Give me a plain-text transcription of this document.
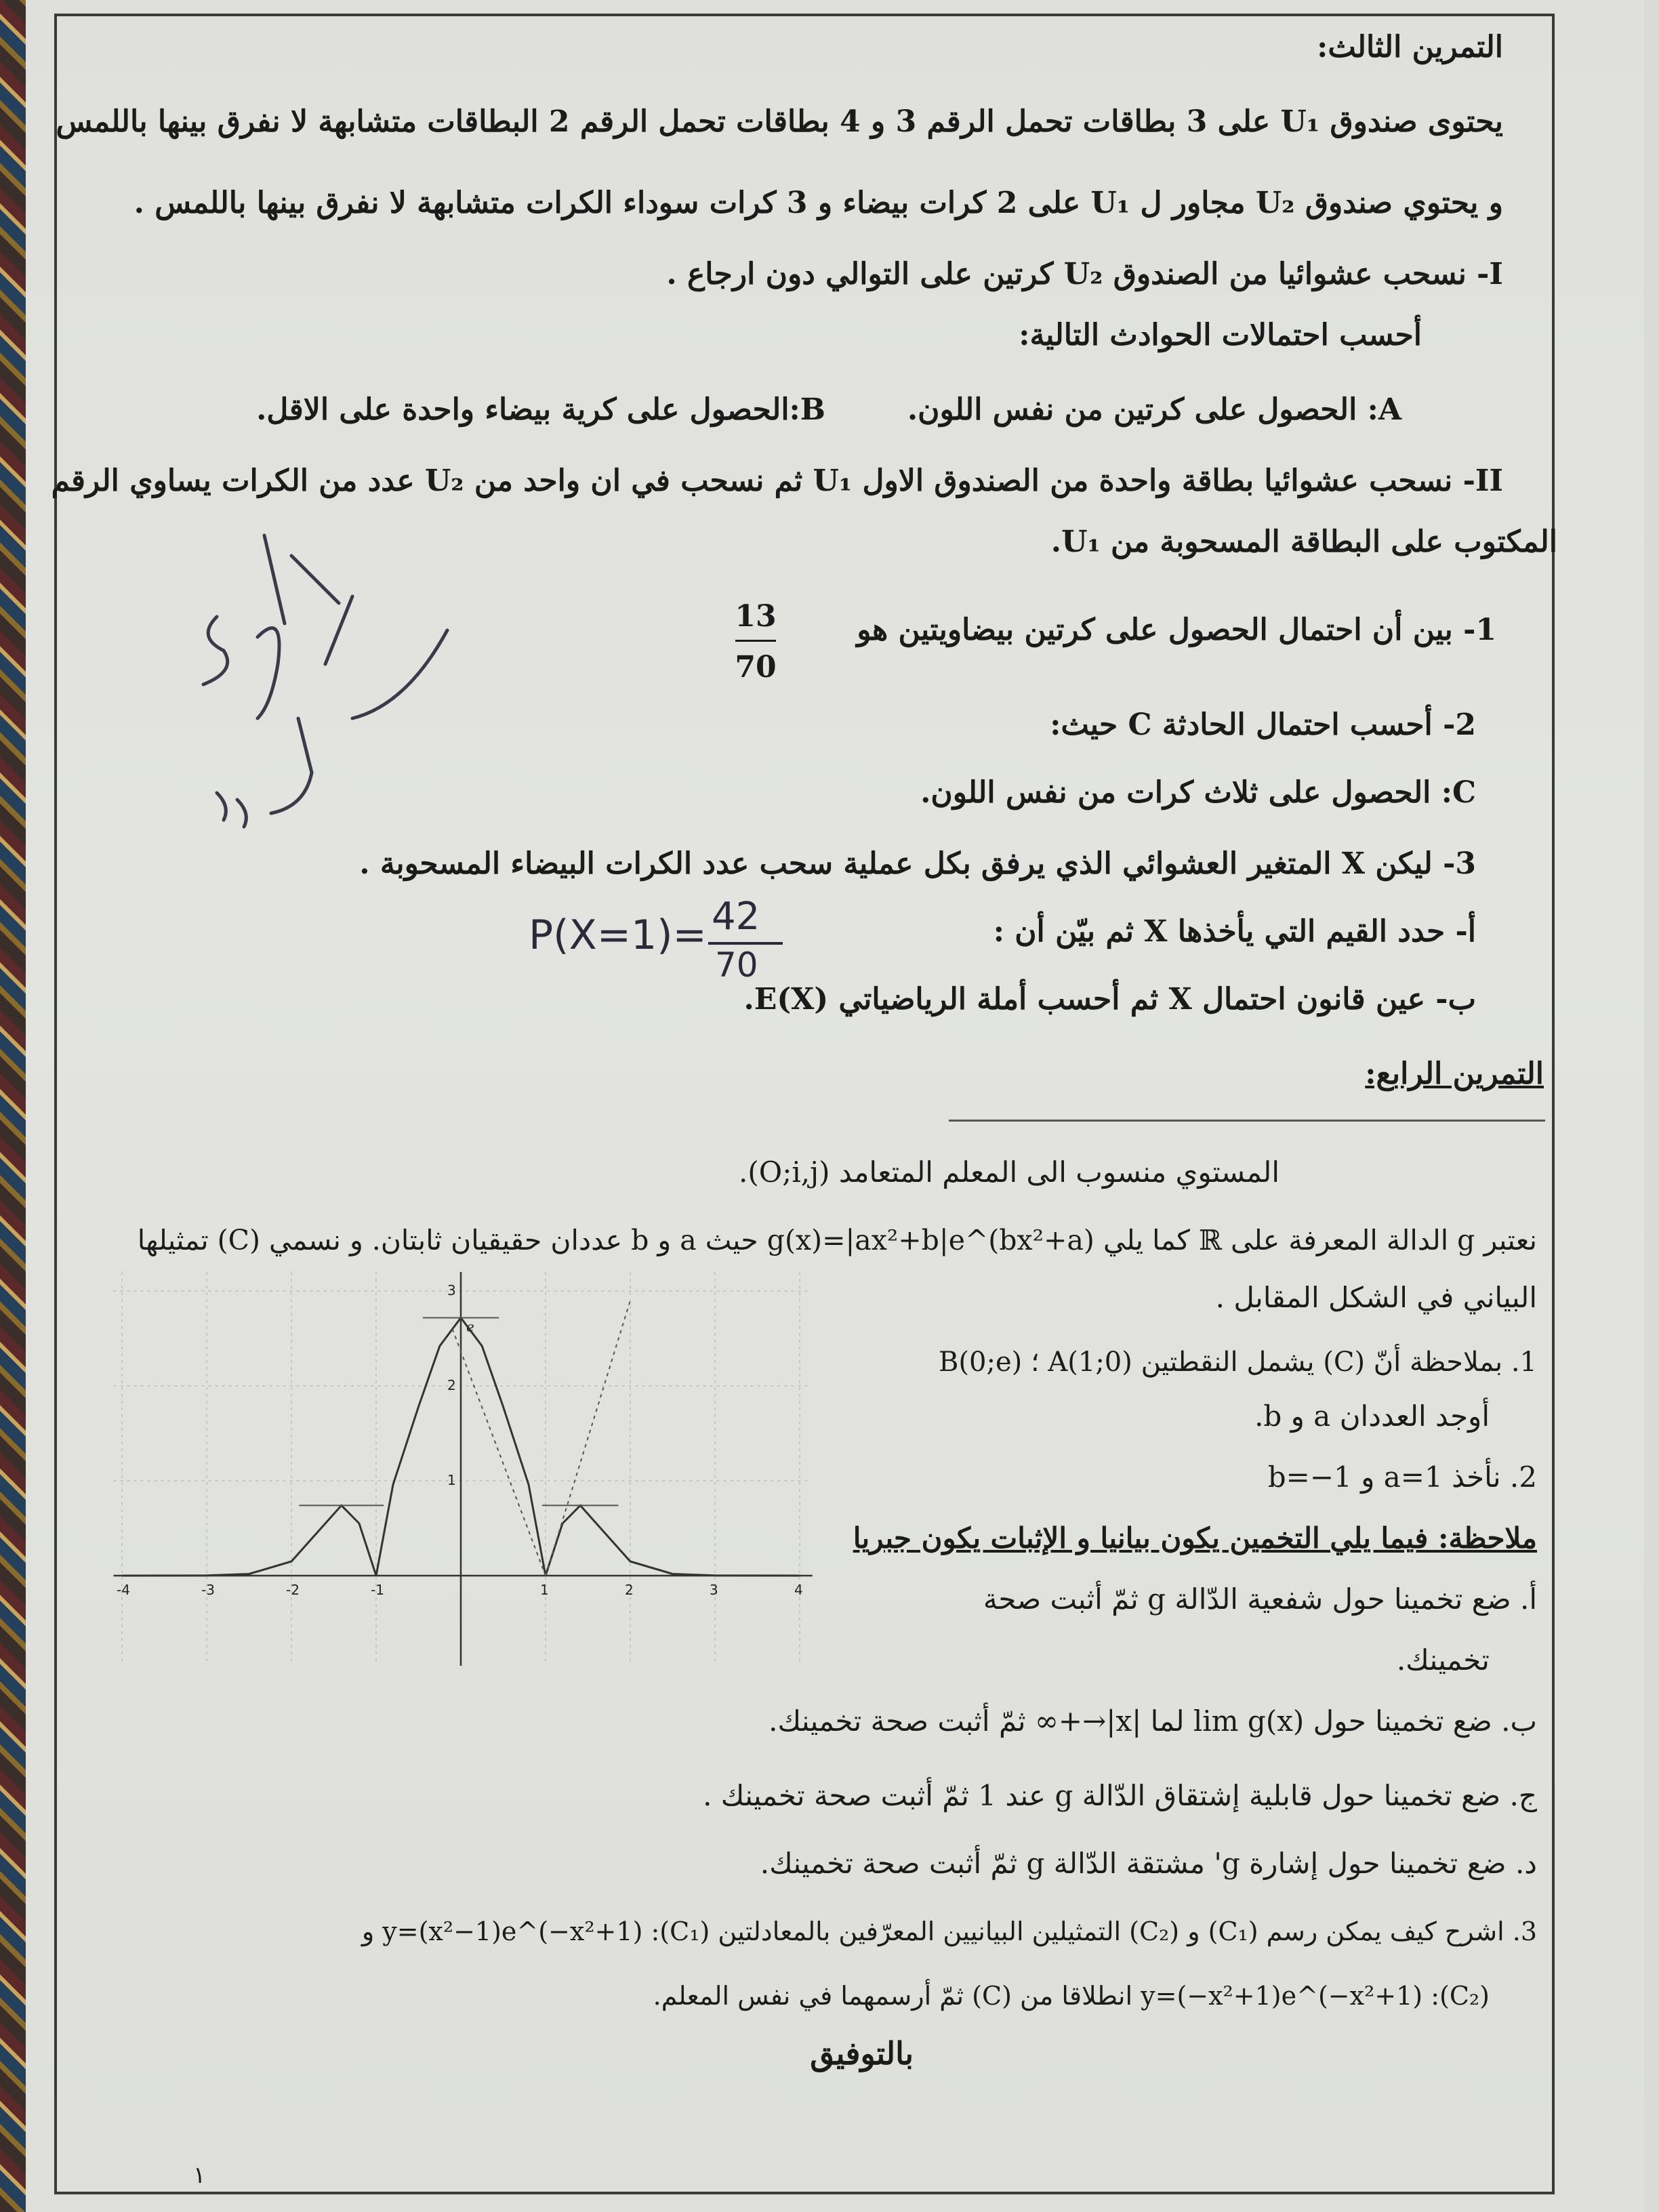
التمرين الثالث:
يحتوى صندوق U₁ على 3 بطاقات تحمل الرقم 3 و 4 بطاقات تحمل الرقم 2 البطاقات متشابهة لا نفرق بينها باللمس
و يحتوي صندوق U₂ مجاور ل U₁ على 2 كرات بيضاء و 3 كرات سوداء الكرات متشابهة لا نفرق بينها باللمس .
I- نسحب عشوائيا من الصندوق U₂ كرتين على التوالي دون ارجاع .
أحسب احتمالات الحوادث التالية:
A: الحصول على كرتين من نفس اللون.
B:الحصول على كرية بيضاء واحدة على الاقل.
II- نسحب عشوائيا بطاقة واحدة من الصندوق الاول U₁ ثم نسحب في ان واحد من U₂ عدد من الكرات يساوي الرقم
المكتوب على البطاقة المسحوبة من U₁.
1- بين أن احتمال الحصول على كرتين بيضاويتين هو
13
70
2- أحسب احتمال الحادثة C حيث:
C: الحصول على ثلاث كرات من نفس اللون.
3- ليكن X المتغير العشوائي الذي يرفق بكل عملية سحب عدد الكرات البيضاء المسحوبة .
أ- حدد القيم التي يأخذها X ثم بيّن أن :
ب- عين قانون احتمال X ثم أحسب أملة الرياضياتي E(X).
P(X=1)= 42
70
التمرين الرابع:
المستوي منسوب الى المعلم المتعامد (O;i,j).
نعتبر g الدالة المعرفة على ℝ كما يلي g(x)=|ax²+b|e^(bx²+a) حيث a و b عددان حقيقيان ثابتان. و نسمي (C) تمثيلها
البياني في الشكل المقابل .
1. بملاحظة أنّ (C) يشمل النقطتين A(1;0) ؛ B(0;e)
أوجد العددان a و b.
2. نأخذ a=1 و b=−1
ملاحظة: فيما يلي التخمين يكون بيانيا و الإثبات يكون جبريا
أ. ضع تخمينا حول شفعية الدّالة g ثمّ أثبت صحة
تخمينك.
ب. ضع تخمينا حول lim g(x) لما |x|→+∞ ثمّ أثبت صحة تخمينك.
ج. ضع تخمينا حول قابلية إشتقاق الدّالة g عند 1 ثمّ أثبت صحة تخمينك .
د. ضع تخمينا حول إشارة g' مشتقة الدّالة g ثمّ أثبت صحة تخمينك.
3. اشرح كيف يمكن رسم (C₁) و (C₂) التمثيلين البيانيين المعرّفين بالمعادلتين (C₁): y=(x²−1)e^(−x²+1) و
(C₂): y=(−x²+1)e^(−x²+1) انطلاقا من (C) ثمّ أرسمهما في نفس المعلم.
بالتوفيق
١
-4	-3	-2	-1	1	2	3	4
1
2
3
e
